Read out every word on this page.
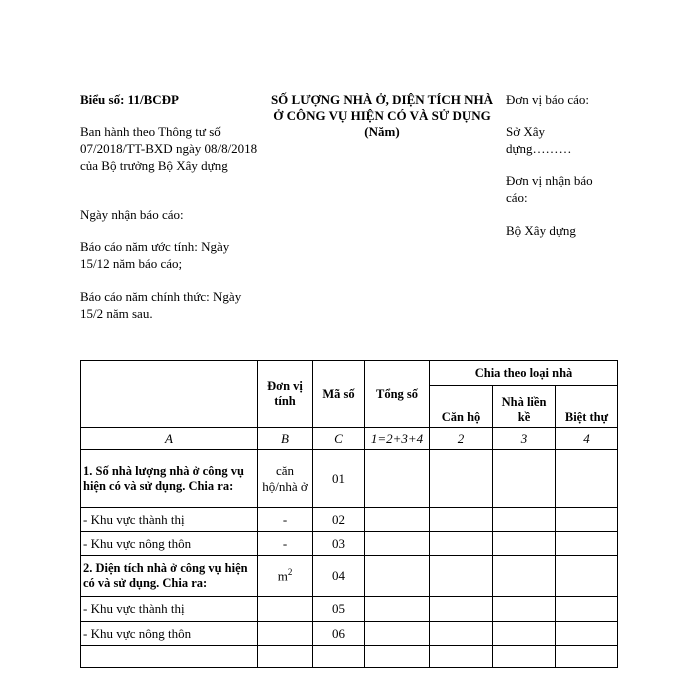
Biểu số: 11/BCĐP

Ban hành theo Thông tư số 07/2018/TT-BXD ngày 08/8/2018 của Bộ trưởng Bộ Xây dựng

Ngày nhận báo cáo:

Báo cáo năm ước tính: Ngày 15/12 năm báo cáo;

Báo cáo năm chính thức: Ngày 15/2 năm sau.

SỐ LƯỢNG NHÀ Ở, DIỆN TÍCH NHÀ
Ở CÔNG VỤ HIỆN CÓ VÀ SỬ DỤNG
(Năm)
Đơn vị báo cáo:

Sở Xây dựng………

Đơn vị nhận báo cáo:

Bộ Xây dựng
	Đơn vị tính	Mã số	Tổng số	Chia theo loại nhà		
				Căn hộ	Nhà liền kề	Biệt thự
A	B	C	1=2+3+4	2	3	4
1. Số nhà lượng nhà ở công vụ hiện có và sử dụng. Chia ra:	căn hộ/nhà ở	01				
- Khu vực thành thị	-	02				
- Khu vực nông thôn	-	03				
2. Diện tích nhà ở công vụ hiện có và sử dụng. Chia ra:	$m^2$	04				
- Khu vực thành thị		05				
- Khu vực nông thôn		06				
